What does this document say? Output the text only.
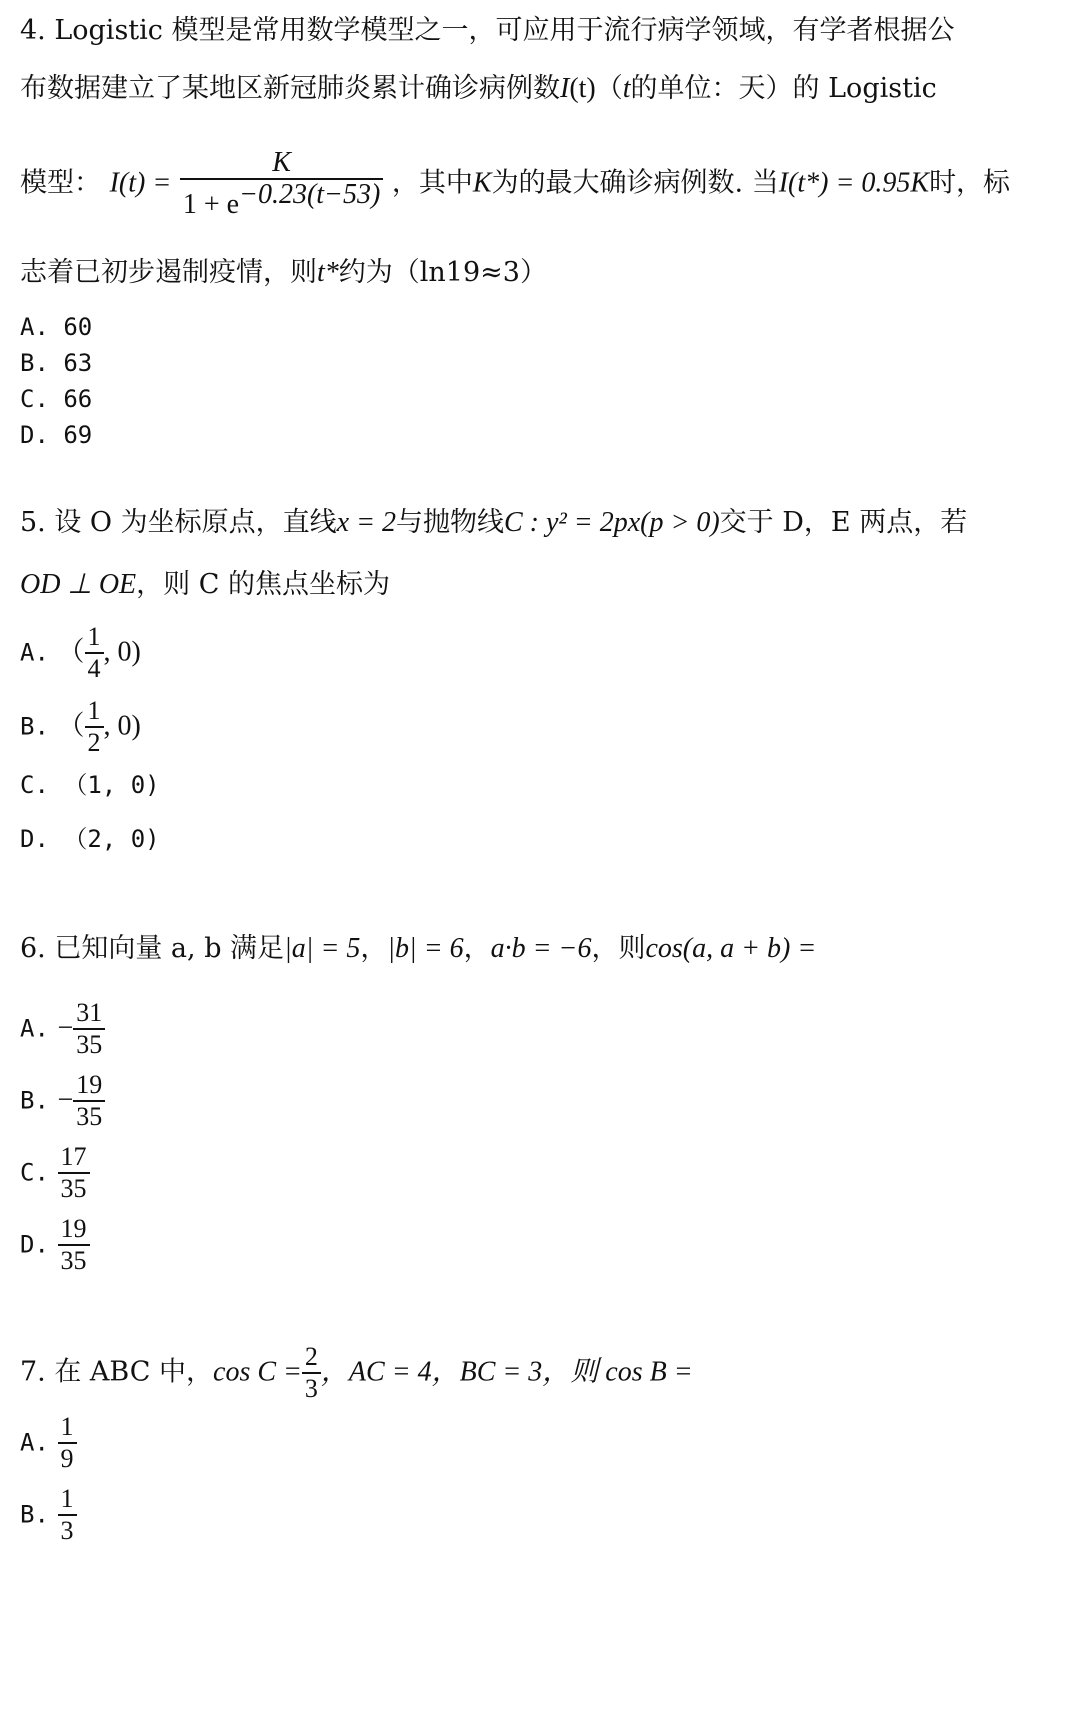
4. Logistic 模型是常用数学模型之一，可应用于流行病学领域，有学者根据公
布数据建立了某地区新冠肺炎累计确诊病例数I(t)（t的单位：天）的 Logistic
模型： $I(t) = \frac{K}{1 + e^{-0.23(t-53)}}$ ，其中K为的最大确诊病例数. 当I(t*) = 0.95K时，标
志着已初步遏制疫情，则t*约为（ln19≈3）
A. 60
B. 63
C. 66
D. 69
5. 设 O 为坐标原点，直线x = 2与抛物线C : y² = 2px(p > 0)交于 D，E 两点，若
OD ⊥ OE，则 C 的焦点坐标为
A. （ $\frac{1}{4}$ , 0)
B. （ $\frac{1}{2}$ , 0)
C. （1, 0)
D. （2, 0)
6. 已知向量 a, b 满足|a| = 5，|b| = 6，a·b = −6，则cos(a, a + b) =
A. − $\frac{31}{35}$
B. − $\frac{19}{35}$
C. $\frac{17}{35}$
D. $\frac{19}{35}$
7. 在 ABC 中，$\cos C = \frac{2}{3}$ ，AC = 4，BC = 3，则 cos B =
A. $\frac{1}{9}$
B. $\frac{1}{3}$
